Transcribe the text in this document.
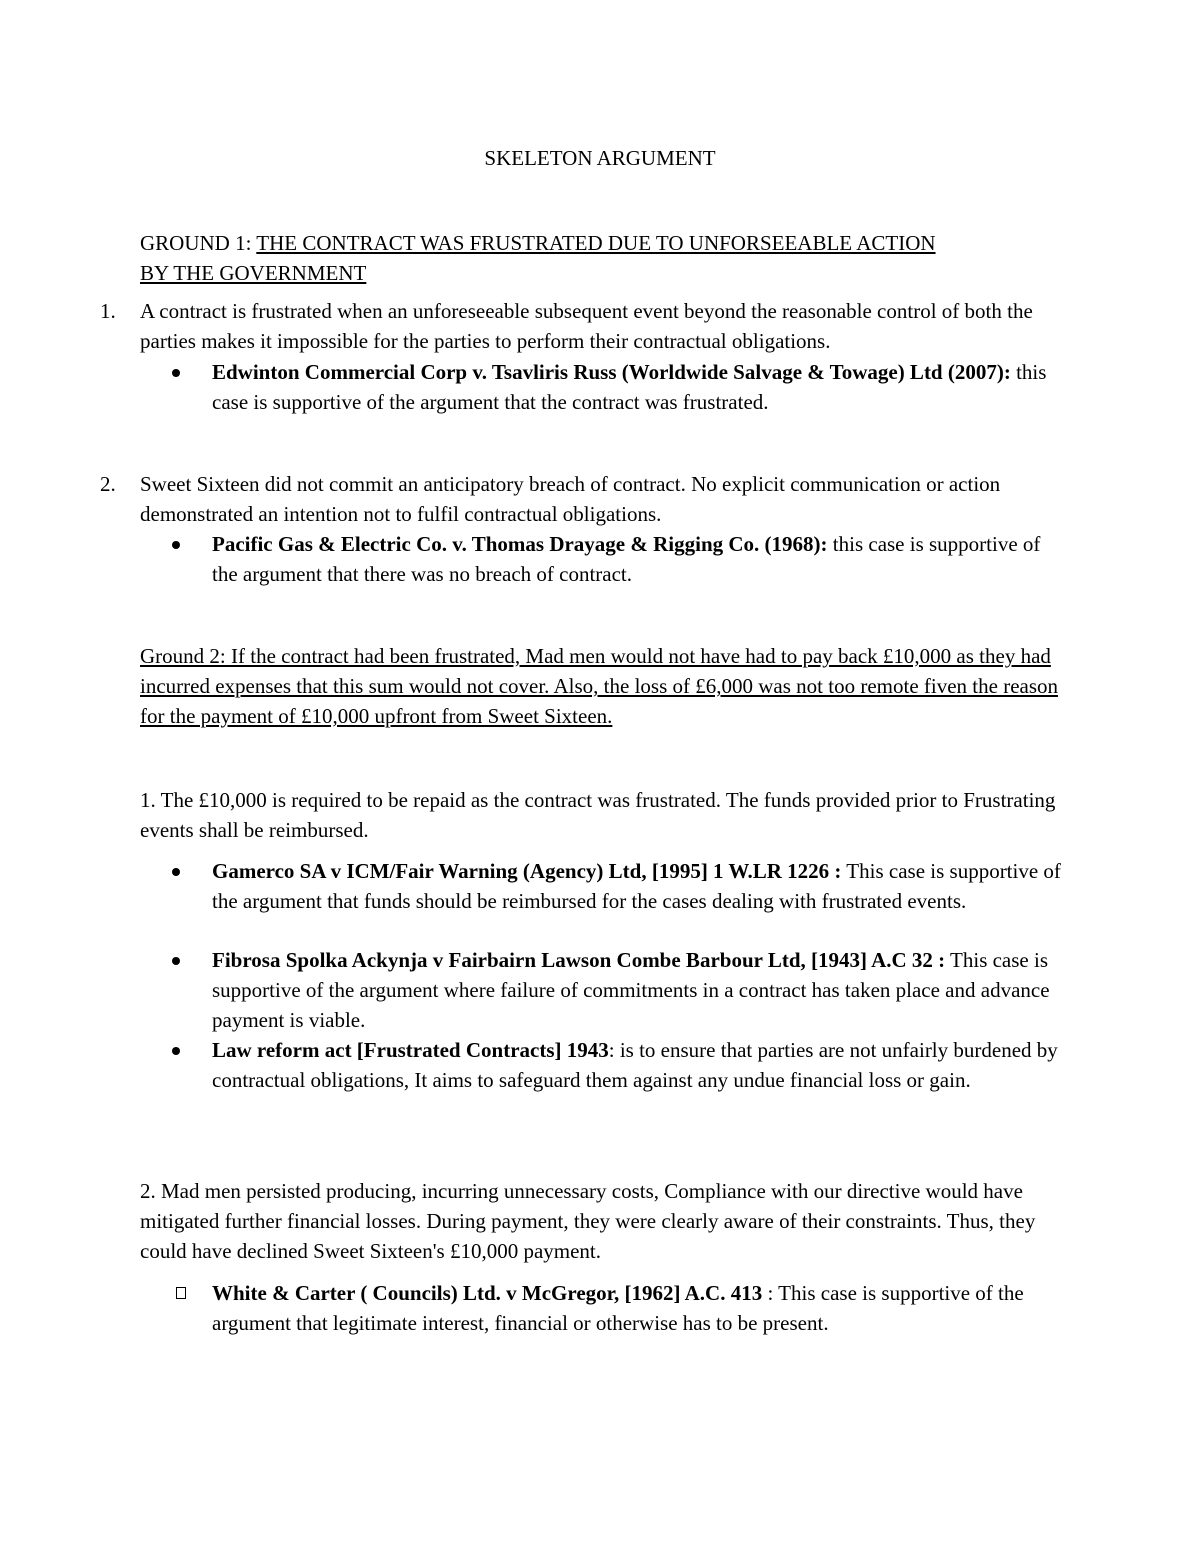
SKELETON ARGUMENT

GROUND 1: THE CONTRACT WAS FRUSTRATED DUE TO UNFORSEEABLE ACTION
BY THE GOVERNMENT
1.	A contract is frustrated when an unforeseeable subsequent event beyond the reasonable control of both the parties makes it impossible for the parties to perform their contractual obligations.
Edwinton Commercial Corp v. Tsavliris Russ (Worldwide Salvage & Towage) Ltd (2007): this case is supportive of the argument that the contract was frustrated.
2.	Sweet Sixteen did not commit an anticipatory breach of contract. No explicit communication or action demonstrated an intention not to fulfil contractual obligations.
Pacific Gas & Electric Co. v. Thomas Drayage & Rigging Co. (1968): this case is supportive of the argument that there was no breach of contract.
Ground 2: If the contract had been frustrated, Mad men would not have had to pay back £10,000 as they had incurred expenses that this sum would not cover. Also, the loss of £6,000 was not too remote fiven the reason for the payment of £10,000 upfront from Sweet Sixteen.
1. The £10,000 is required to be repaid as the contract was frustrated. The funds provided prior to Frustrating events shall be reimbursed.
Gamerco SA v ICM/Fair Warning (Agency) Ltd, [1995] 1 W.LR 1226 : This case is supportive of the argument that funds should be reimbursed for the cases dealing with frustrated events.
Fibrosa Spolka Ackynja v Fairbairn Lawson Combe Barbour Ltd, [1943] A.C 32 : This case is supportive of the argument where failure of commitments in a contract has taken place and advance payment is viable.
Law reform act [Frustrated Contracts] 1943: is to ensure that parties are not unfairly burdened by contractual obligations, It aims to safeguard them against any undue financial loss or gain.
2. Mad men persisted producing, incurring unnecessary costs, Compliance with our directive would have mitigated further financial losses. During payment, they were clearly aware of their constraints. Thus, they could have declined Sweet Sixteen's £10,000 payment.
White & Carter ( Councils) Ltd. v McGregor, [1962] A.C. 413 : This case is supportive of the argument that legitimate interest, financial or otherwise has to be present.
